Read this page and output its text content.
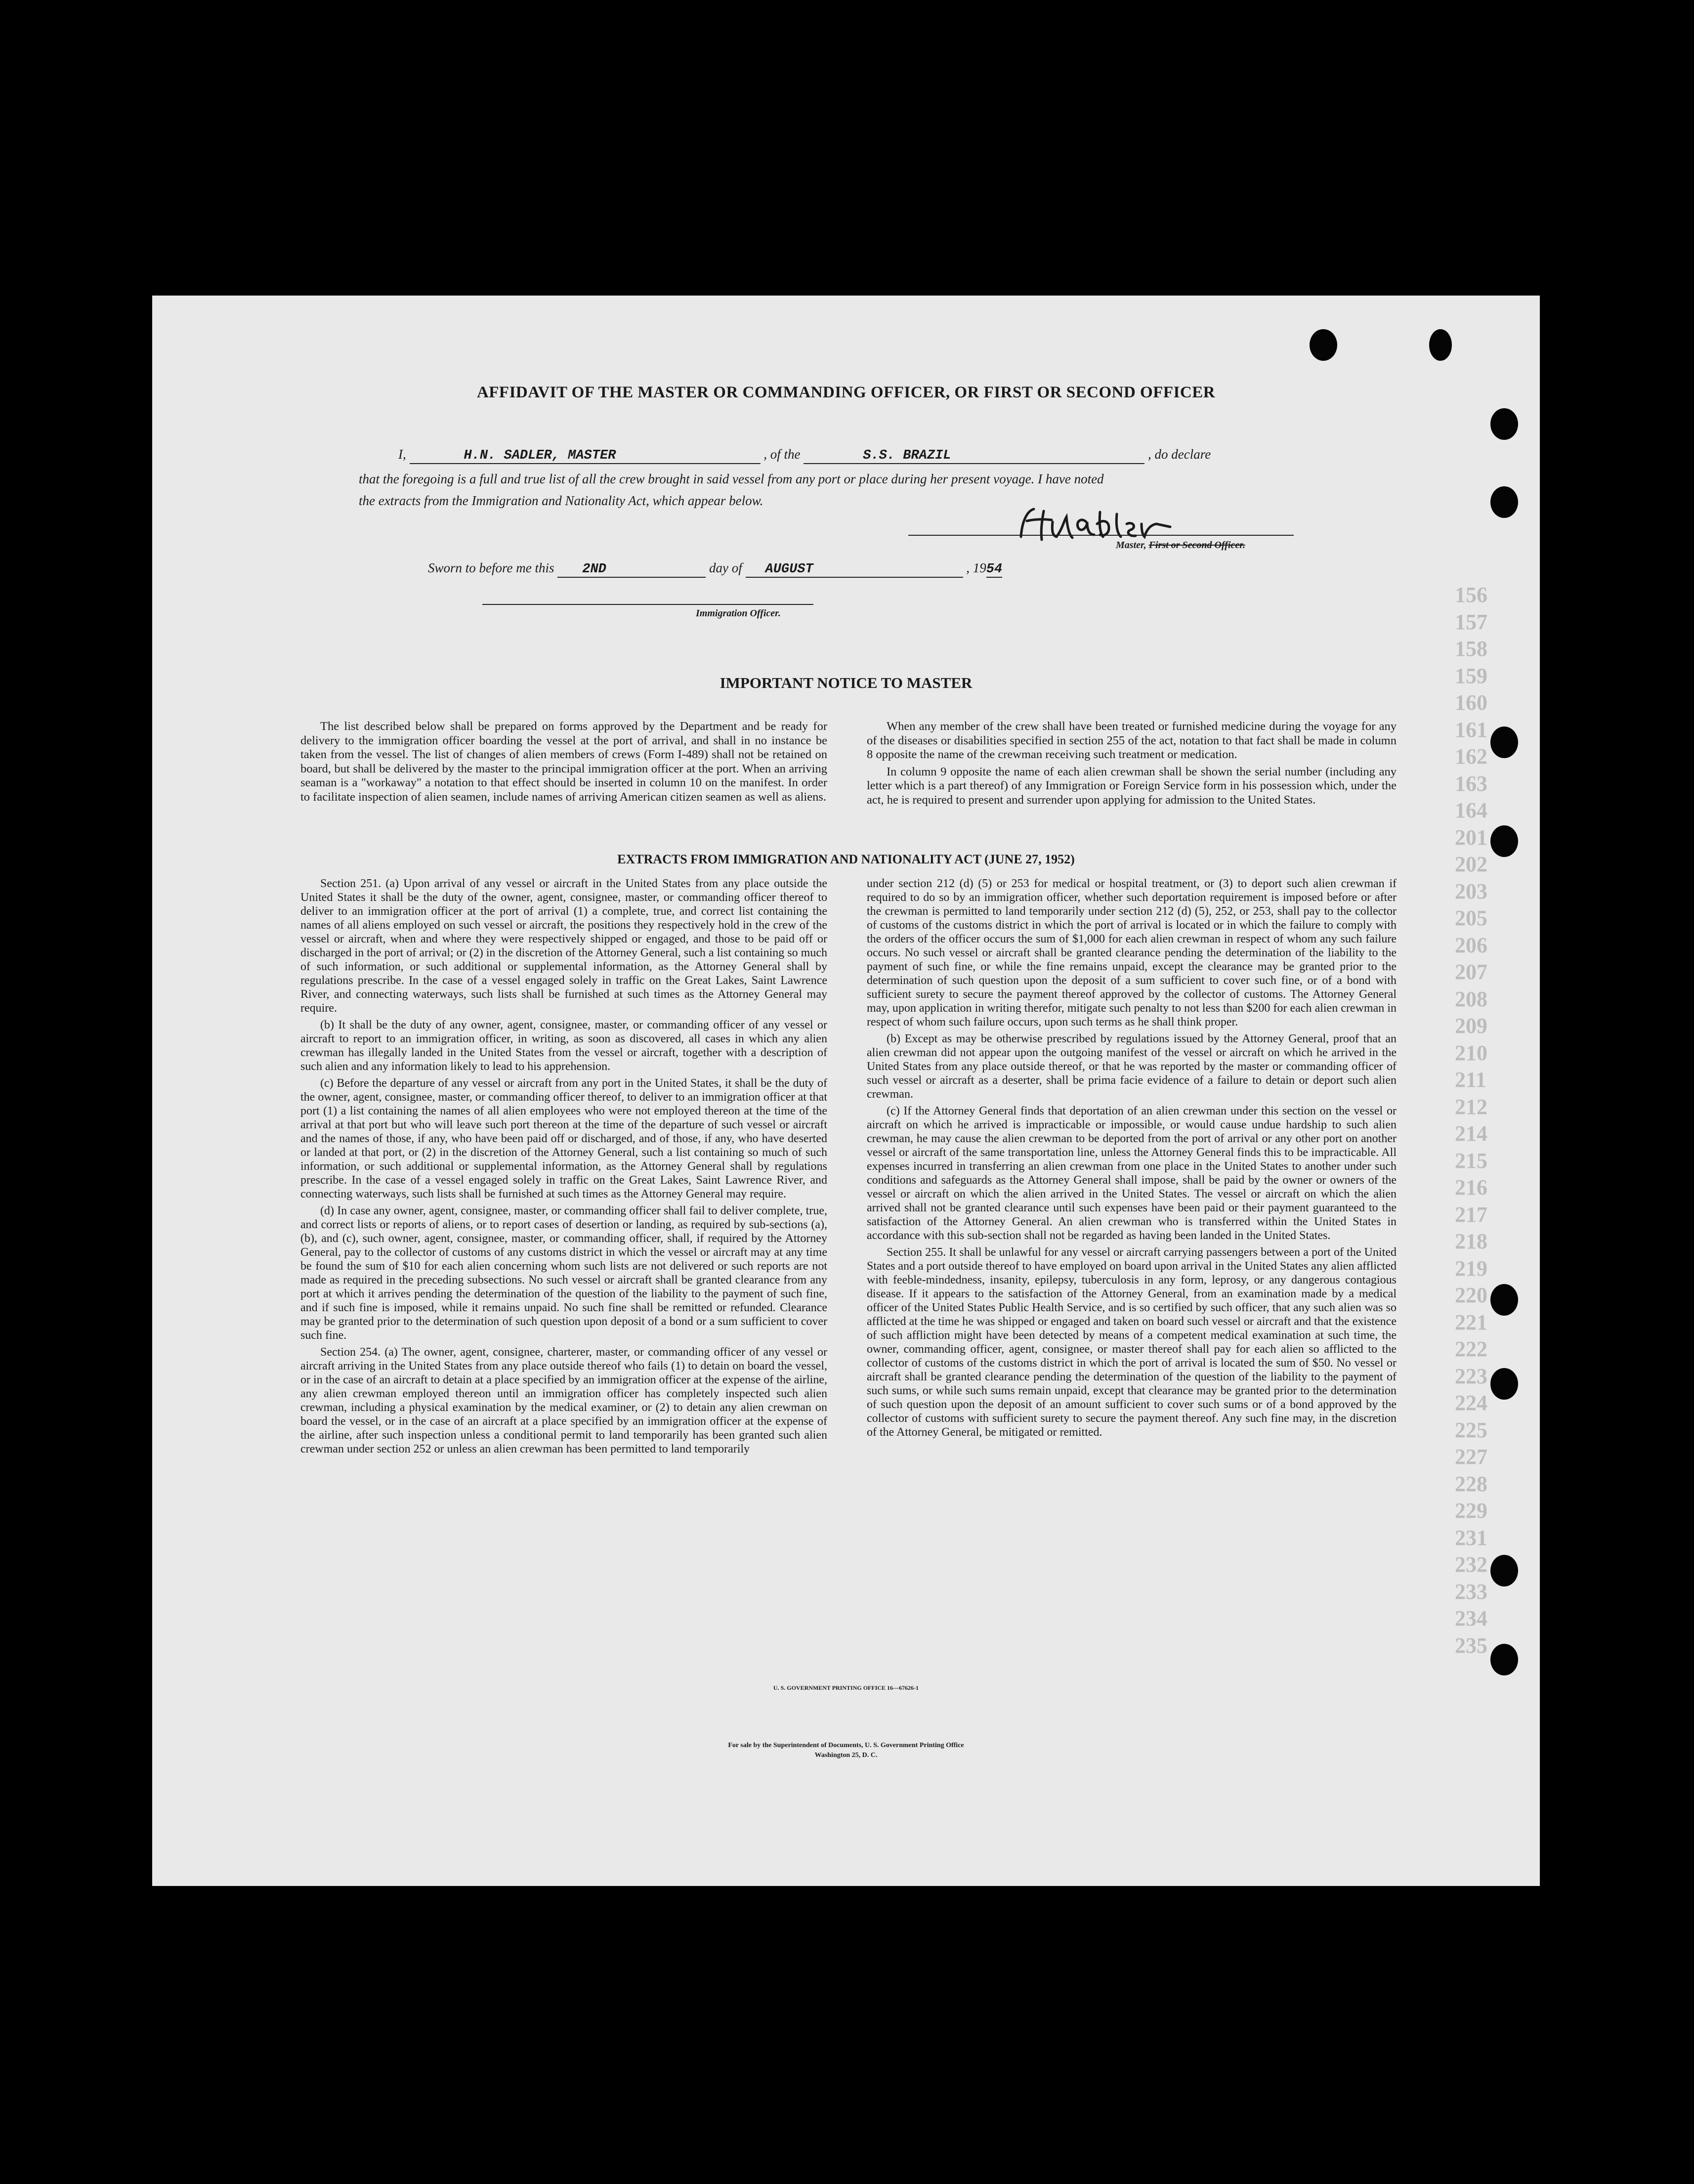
156
157
158
159
160
161
162
163
164
201
202
203
205
206
207
208
209
210
211
212
214
215
216
217
218
219
220
221
222
223
224
225
227
228
229
231
232
233
234
235
AFFIDAVIT OF THE MASTER OR COMMANDING OFFICER, OR FIRST OR SECOND OFFICER
I,	H.N. SADLER, MASTER	, of the	S.S. BRAZIL	, do declare
that the foregoing is a full and true list of all the crew brought in said vessel from any port or place during her present voyage. I have noted
the extracts from the Immigration and Nationality Act, which appear below.
Master, First or Second Officer.
Sworn to before me this 2ND	day of AUGUST	, 1954
Immigration Officer.
IMPORTANT NOTICE TO MASTER

The list described below shall be prepared on forms approved by the Department and be ready for delivery to the immigration officer boarding the vessel at the port of arrival, and shall in no instance be taken from the vessel. The list of changes of alien members of crews (Form I-489) shall not be retained on board, but shall be delivered by the master to the principal immigration officer at the port. When an arriving seaman is a "workaway" a notation to that effect should be inserted in column 10 on the manifest. In order to facilitate inspection of alien seamen, include names of arriving American citizen seamen as well as aliens.

When any member of the crew shall have been treated or furnished medicine during the voyage for any of the diseases or disabilities specified in section 255 of the act, notation to that fact shall be made in column 8 opposite the name of the crewman receiving such treatment or medication.

In column 9 opposite the name of each alien crewman shall be shown the serial number (including any letter which is a part thereof) of any Immigration or Foreign Service form in his possession which, under the act, he is required to present and surrender upon applying for admission to the United States.

EXTRACTS FROM IMMIGRATION AND NATIONALITY ACT (JUNE 27, 1952)

Section 251. (a) Upon arrival of any vessel or aircraft in the United States from any place outside the United States it shall be the duty of the owner, agent, consignee, master, or commanding officer thereof to deliver to an immigration officer at the port of arrival (1) a complete, true, and correct list containing the names of all aliens employed on such vessel or aircraft, the positions they respectively hold in the crew of the vessel or aircraft, when and where they were respectively shipped or engaged, and those to be paid off or discharged in the port of arrival; or (2) in the discretion of the Attorney General, such a list containing so much of such information, or such additional or supplemental information, as the Attorney General shall by regulations prescribe. In the case of a vessel engaged solely in traffic on the Great Lakes, Saint Lawrence River, and connecting waterways, such lists shall be furnished at such times as the Attorney General may require.

(b) It shall be the duty of any owner, agent, consignee, master, or commanding officer of any vessel or aircraft to report to an immigration officer, in writing, as soon as discovered, all cases in which any alien crewman has illegally landed in the United States from the vessel or aircraft, together with a description of such alien and any information likely to lead to his apprehension.

(c) Before the departure of any vessel or aircraft from any port in the United States, it shall be the duty of the owner, agent, consignee, master, or commanding officer thereof, to deliver to an immigration officer at that port (1) a list containing the names of all alien employees who were not employed thereon at the time of the arrival at that port but who will leave such port thereon at the time of the departure of such vessel or aircraft and the names of those, if any, who have been paid off or discharged, and of those, if any, who have deserted or landed at that port, or (2) in the discretion of the Attorney General, such a list containing so much of such information, or such additional or supplemental information, as the Attorney General shall by regulations prescribe. In the case of a vessel engaged solely in traffic on the Great Lakes, Saint Lawrence River, and connecting waterways, such lists shall be furnished at such times as the Attorney General may require.

(d) In case any owner, agent, consignee, master, or commanding officer shall fail to deliver complete, true, and correct lists or reports of aliens, or to report cases of desertion or landing, as required by sub-sections (a), (b), and (c), such owner, agent, consignee, master, or commanding officer, shall, if required by the Attorney General, pay to the collector of customs of any customs district in which the vessel or aircraft may at any time be found the sum of $10 for each alien concerning whom such lists are not delivered or such reports are not made as required in the preceding subsections. No such vessel or aircraft shall be granted clearance from any port at which it arrives pending the determination of the question of the liability to the payment of such fine, and if such fine is imposed, while it remains unpaid. No such fine shall be remitted or refunded. Clearance may be granted prior to the determination of such question upon deposit of a bond or a sum sufficient to cover such fine.

Section 254. (a) The owner, agent, consignee, charterer, master, or commanding officer of any vessel or aircraft arriving in the United States from any place outside thereof who fails (1) to detain on board the vessel, or in the case of an aircraft to detain at a place specified by an immigration officer at the expense of the airline, any alien crewman employed thereon until an immigration officer has completely inspected such alien crewman, including a physical examination by the medical examiner, or (2) to detain any alien crewman on board the vessel, or in the case of an aircraft at a place specified by an immigration officer at the expense of the airline, after such inspection unless a conditional permit to land temporarily has been granted such alien crewman under section 252 or unless an alien crewman has been permitted to land temporarily

under section 212 (d) (5) or 253 for medical or hospital treatment, or (3) to deport such alien crewman if required to do so by an immigration officer, whether such deportation requirement is imposed before or after the crewman is permitted to land temporarily under section 212 (d) (5), 252, or 253, shall pay to the collector of customs of the customs district in which the port of arrival is located or in which the failure to comply with the orders of the officer occurs the sum of $1,000 for each alien crewman in respect of whom any such failure occurs. No such vessel or aircraft shall be granted clearance pending the determination of the liability to the payment of such fine, or while the fine remains unpaid, except the clearance may be granted prior to the determination of such question upon the deposit of a sum sufficient to cover such fine, or of a bond with sufficient surety to secure the payment thereof approved by the collector of customs. The Attorney General may, upon application in writing therefor, mitigate such penalty to not less than $200 for each alien crewman in respect of whom such failure occurs, upon such terms as he shall think proper.

(b) Except as may be otherwise prescribed by regulations issued by the Attorney General, proof that an alien crewman did not appear upon the outgoing manifest of the vessel or aircraft on which he arrived in the United States from any place outside thereof, or that he was reported by the master or commanding officer of such vessel or aircraft as a deserter, shall be prima facie evidence of a failure to detain or deport such alien crewman.

(c) If the Attorney General finds that deportation of an alien crewman under this section on the vessel or aircraft on which he arrived is impracticable or impossible, or would cause undue hardship to such alien crewman, he may cause the alien crewman to be deported from the port of arrival or any other port on another vessel or aircraft of the same transportation line, unless the Attorney General finds this to be impracticable. All expenses incurred in transferring an alien crewman from one place in the United States to another under such conditions and safeguards as the Attorney General shall impose, shall be paid by the owner or owners of the vessel or aircraft on which the alien arrived in the United States. The vessel or aircraft on which the alien arrived shall not be granted clearance until such expenses have been paid or their payment guaranteed to the satisfaction of the Attorney General. An alien crewman who is transferred within the United States in accordance with this sub-section shall not be regarded as having been landed in the United States.

Section 255. It shall be unlawful for any vessel or aircraft carrying passengers between a port of the United States and a port outside thereof to have employed on board upon arrival in the United States any alien afflicted with feeble-mindedness, insanity, epilepsy, tuberculosis in any form, leprosy, or any dangerous contagious disease. If it appears to the satisfaction of the Attorney General, from an examination made by a medical officer of the United States Public Health Service, and is so certified by such officer, that any such alien was so afflicted at the time he was shipped or engaged and taken on board such vessel or aircraft and that the existence of such affliction might have been detected by means of a competent medical examination at such time, the owner, commanding officer, agent, consignee, or master thereof shall pay for each alien so afflicted to the collector of customs of the customs district in which the port of arrival is located the sum of $50. No vessel or aircraft shall be granted clearance pending the determination of the question of the liability to the payment of such sums, or while such sums remain unpaid, except that clearance may be granted prior to the determination of such question upon the deposit of an amount sufficient to cover such sums or of a bond approved by the collector of customs with sufficient surety to secure the payment thereof. Any such fine may, in the discretion of the Attorney General, be mitigated or remitted.

U. S. GOVERNMENT PRINTING OFFICE 16—67626-1
For sale by the Superintendent of Documents, U. S. Government Printing Office
Washington 25, D. C.
